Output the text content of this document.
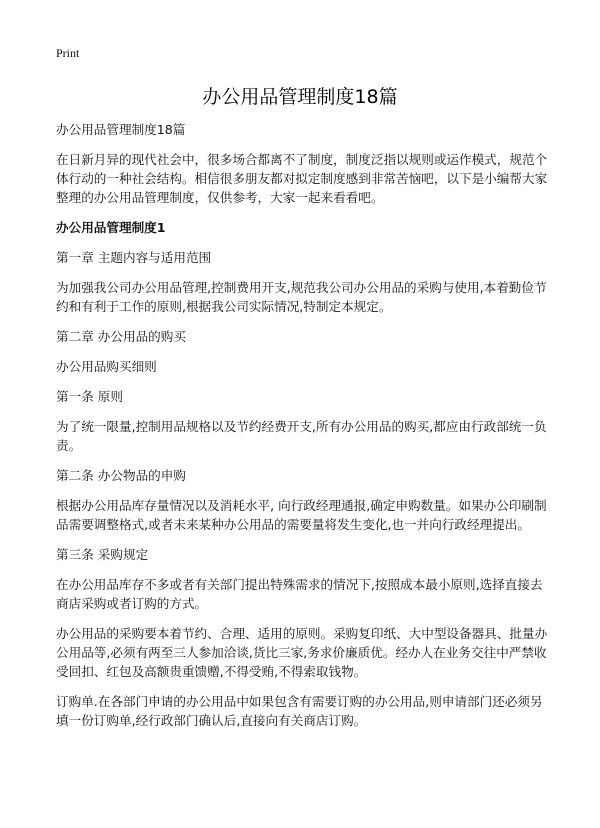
Print
办公用品管理制度18篇

办公用品管理制度18篇

在日新月异的现代社会中，很多场合都离不了制度，制度泛指以规则或运作模式，规范个体行动的一种社会结构。相信很多朋友都对拟定制度感到非常苦恼吧，以下是小编帮大家整理的办公用品管理制度，仅供参考，大家一起来看看吧。

办公用品管理制度1

第一章 主题内容与适用范围

为加强我公司办公用品管理,控制费用开支,规范我公司办公用品的采购与使用,本着勤俭节约和有利于工作的原则,根据我公司实际情况,特制定本规定。

第二章 办公用品的购买

办公用品购买细则

第一条 原则

为了统一限量,控制用品规格以及节约经费开支,所有办公用品的购买,都应由行政部统一负责。

第二条 办公物品的申购

根据办公用品库存量情况以及消耗水平, 向行政经理通报,确定申购数量。如果办公印刷制品需要调整格式,或者未来某种办公用品的需要量将发生变化,也一并向行政经理提出。

第三条 采购规定

在办公用品库存不多或者有关部门提出特殊需求的情况下,按照成本最小原则,选择直接去商店采购或者订购的方式。

办公用品的采购要本着节约、合理、适用的原则。采购复印纸、大中型设备器具、批量办公用品等,必须有两至三人参加洽谈,货比三家,务求价廉质优。经办人在业务交往中严禁收受回扣、红包及高额贵重馈赠,不得受贿,不得索取钱物。

订购单.在各部门申请的办公用品中如果包含有需要订购的办公用品,则申请部门还必须另填一份订购单,经行政部门确认后,直接向有关商店订购。
